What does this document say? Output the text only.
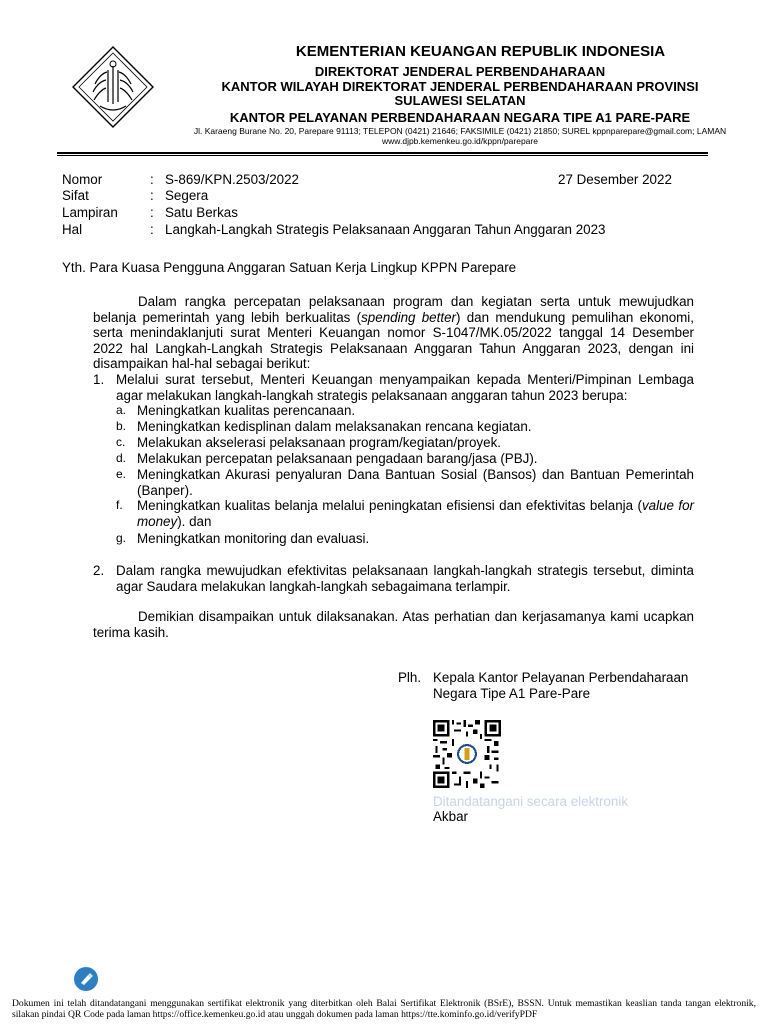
KEMENTERIAN KEUANGAN REPUBLIK INDONESIA
DIREKTORAT JENDERAL PERBENDAHARAAN
KANTOR WILAYAH DIREKTORAT JENDERAL PERBENDAHARAAN PROVINSI
SULAWESI SELATAN
KANTOR PELAYANAN PERBENDAHARAAN NEGARA TIPE A1 PARE-PARE
Jl. Karaeng Burane No. 20, Parepare 91113; TELEPON (0421) 21646; FAKSIMILE (0421) 21850; SUREL kppnparepare@gmail.com; LAMAN www.djpb.kemenkeu.go.id/kppn/parepare
Nomor	: S-869/KPN.2503/2022	27 Desember 2022
Sifat	: Segera
Lampiran : Satu Berkas
Hal	: Langkah-Langkah Strategis Pelaksanaan Anggaran Tahun Anggaran 2023
Yth. Para Kuasa Pengguna Anggaran Satuan Kerja Lingkup KPPN Parepare
Dalam rangka percepatan pelaksanaan program dan kegiatan serta untuk mewujudkan belanja pemerintah yang lebih berkualitas (spending better) dan mendukung pemulihan ekonomi, serta menindaklanjuti surat Menteri Keuangan nomor S-1047/MK.05/2022 tanggal 14 Desember 2022 hal Langkah-Langkah Strategis Pelaksanaan Anggaran Tahun Anggaran 2023, dengan ini disampaikan hal-hal sebagai berikut:
1. Melalui surat tersebut, Menteri Keuangan menyampaikan kepada Menteri/Pimpinan Lembaga agar melakukan langkah-langkah strategis pelaksanaan anggaran tahun 2023 berupa:
a. Meningkatkan kualitas perencanaan.
b. Meningkatkan kedisplinan dalam melaksanakan rencana kegiatan.
c. Melakukan akselerasi pelaksanaan program/kegiatan/proyek.
d. Melakukan percepatan pelaksanaan pengadaan barang/jasa (PBJ).
e. Meningkatkan Akurasi penyaluran Dana Bantuan Sosial (Bansos) dan Bantuan Pemerintah (Banper).
f. Meningkatkan kualitas belanja melalui peningkatan efisiensi dan efektivitas belanja (value for money). dan
g. Meningkatkan monitoring dan evaluasi.
2. Dalam rangka mewujudkan efektivitas pelaksanaan langkah-langkah strategis tersebut, diminta agar Saudara melakukan langkah-langkah sebagaimana terlampir.
Demikian disampaikan untuk dilaksanakan. Atas perhatian dan kerjasamanya kami ucapkan terima kasih.
Plh. Kepala Kantor Pelayanan Perbendaharaan Negara Tipe A1 Pare-Pare
Ditandatangani secara elektronik
Akbar
Dokumen ini telah ditandatangani menggunakan sertifikat elektronik yang diterbitkan oleh Balai Sertifikat Elektronik (BSrE), BSSN. Untuk memastikan keaslian tanda tangan elektronik, silakan pindai QR Code pada laman https://office.kemenkeu.go.id atau unggah dokumen pada laman https://tte.kominfo.go.id/verifyPDF
